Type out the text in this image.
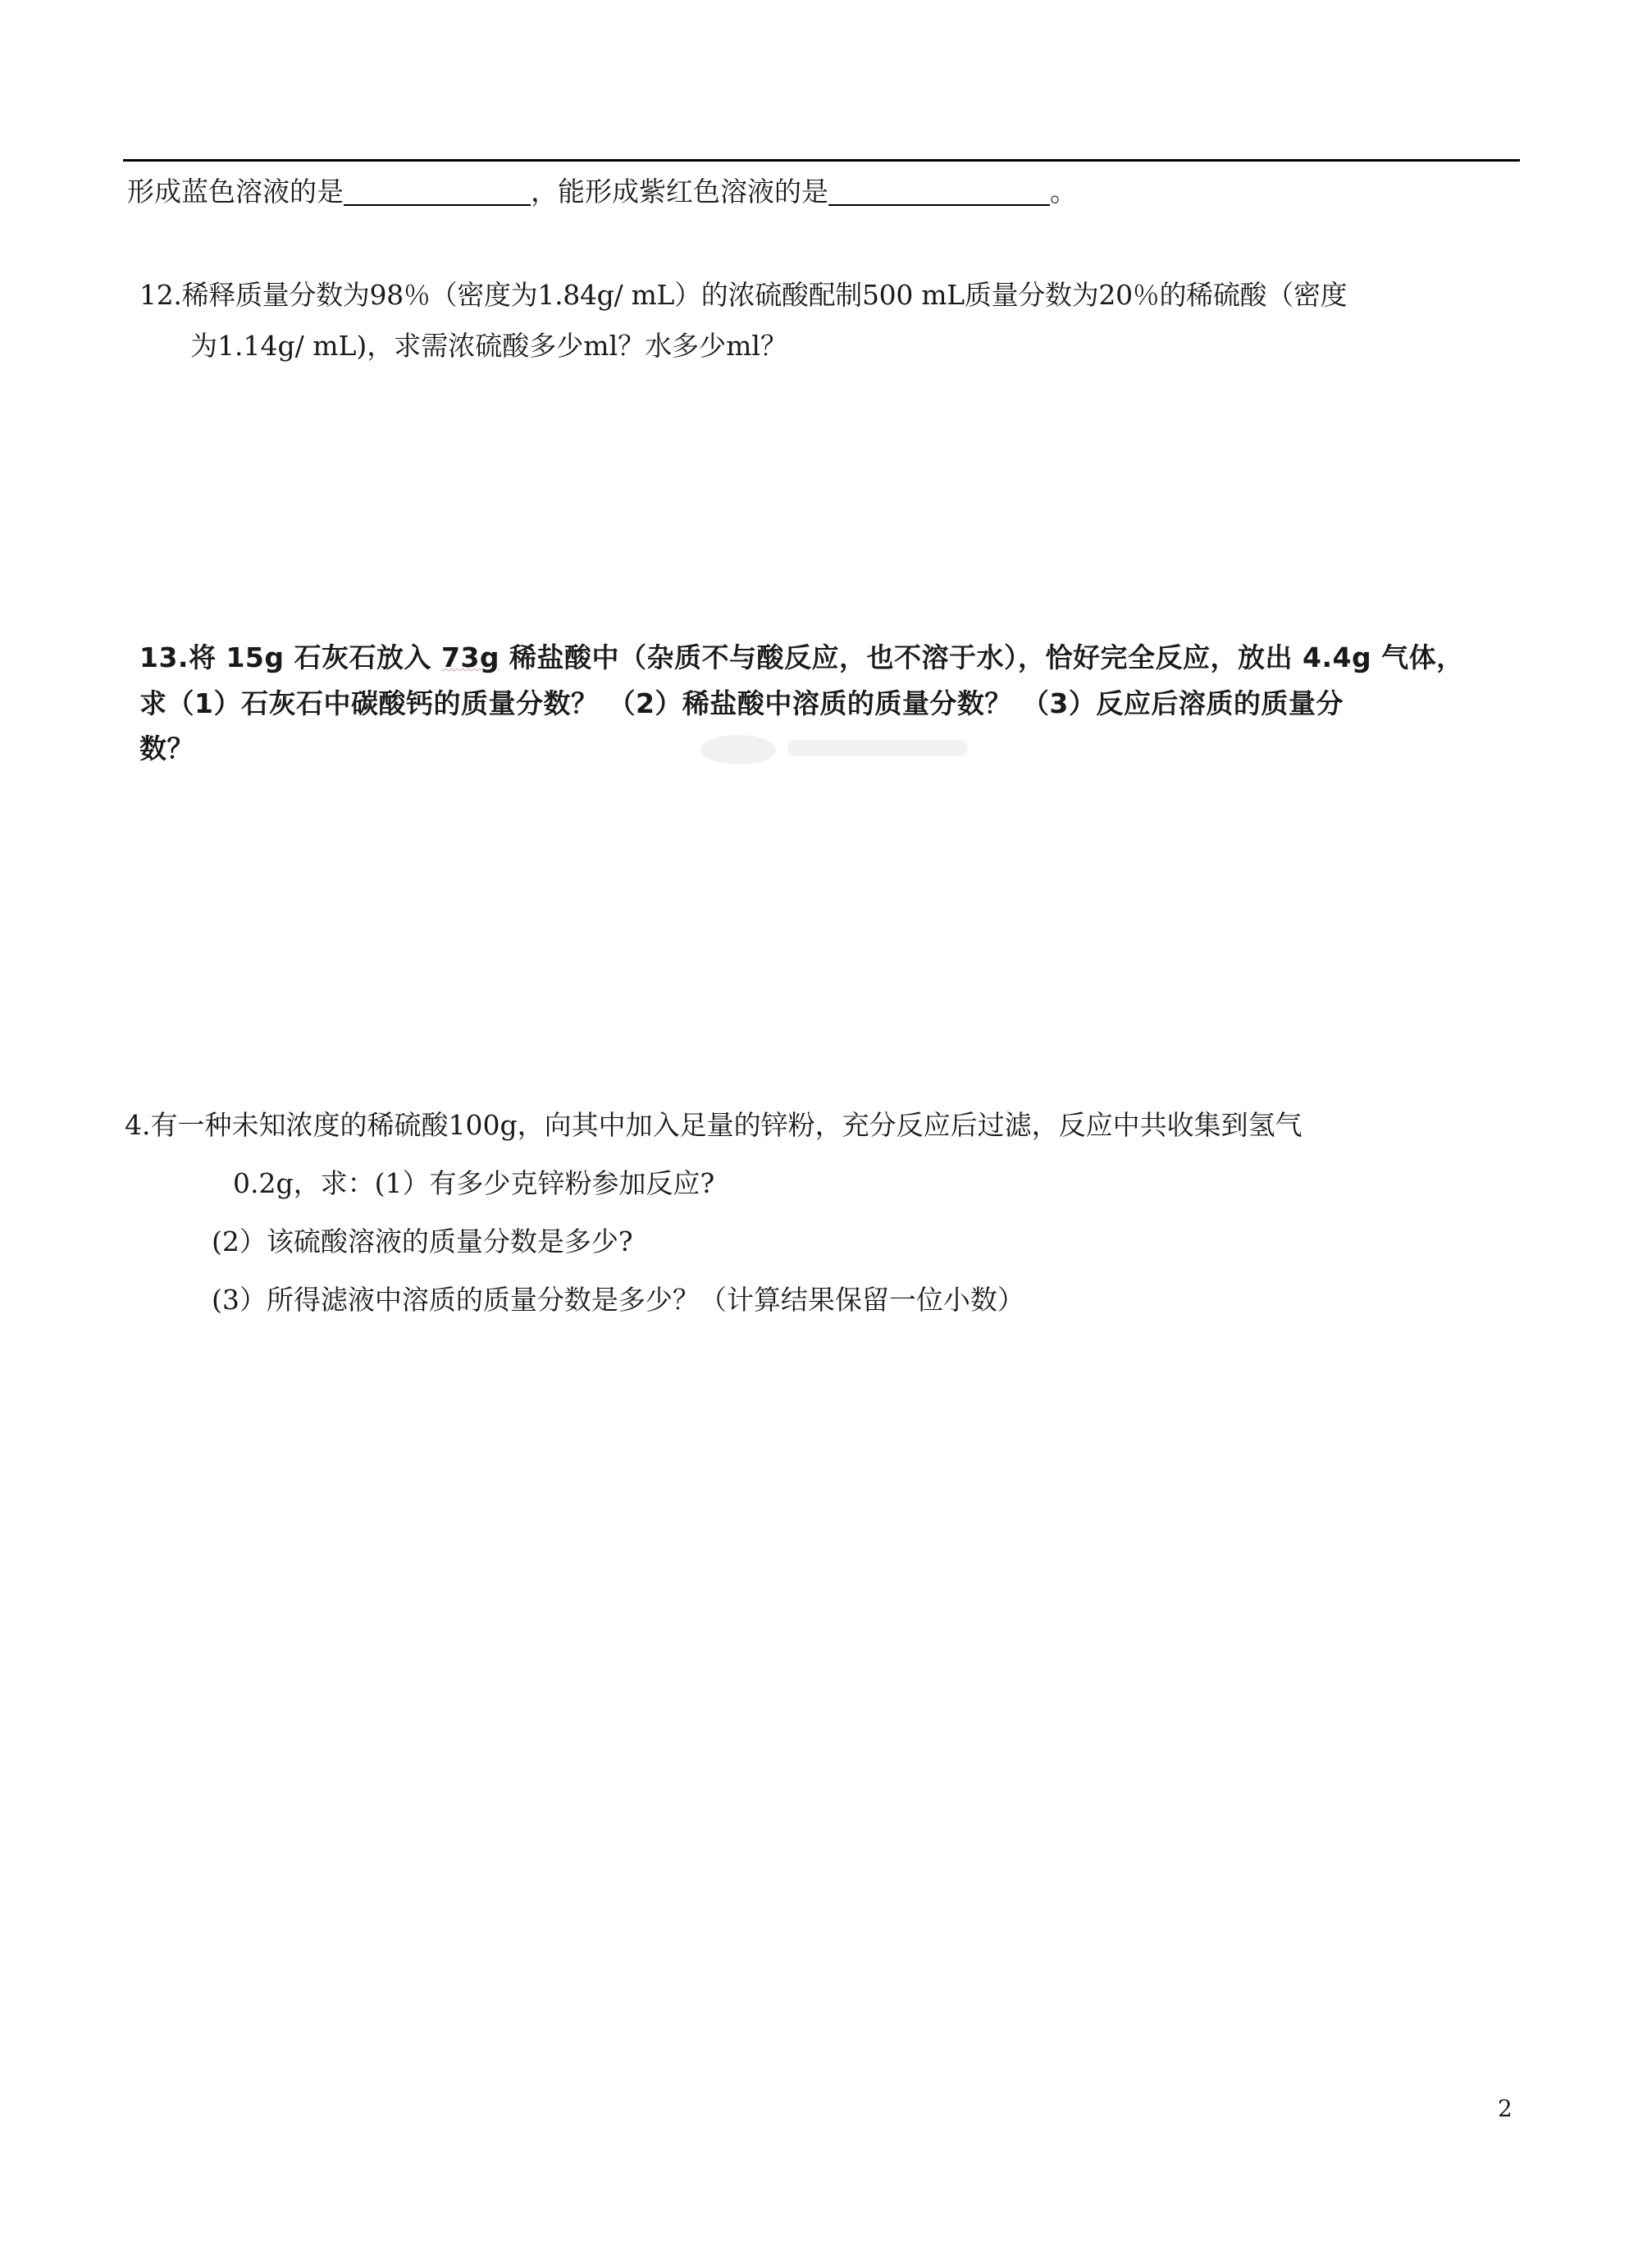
形成蓝色溶液的是	，能形成紫红色溶液的是	。
12.稀释质量分数为98％（密度为1.84g/ mL）的浓硫酸配制500 mL质量分数为20％的稀硫酸（密度
为1.14g/ mL)，求需浓硫酸多少ml？水多少ml？
13.将 15g 石灰石放入 73g 稀盐酸中（杂质不与酸反应，也不溶于水），恰好完全反应，放出 4.4g 气体，
求（1）石灰石中碳酸钙的质量分数？ （2）稀盐酸中溶质的质量分数？ （3）反应后溶质的质量分
数？
4.有一种未知浓度的稀硫酸100g，向其中加入足量的锌粉，充分反应后过滤，反应中共收集到氢气
0.2g，求：(1）有多少克锌粉参加反应?
(2）该硫酸溶液的质量分数是多少?
(3）所得滤液中溶质的质量分数是多少？（计算结果保留一位小数）
2
